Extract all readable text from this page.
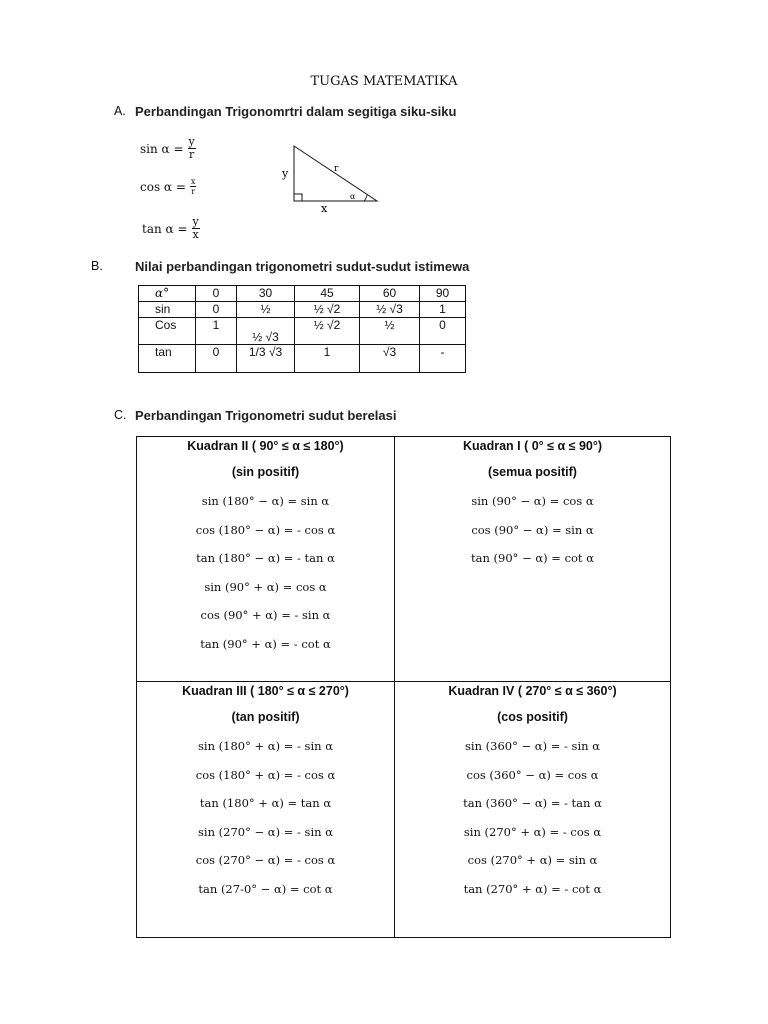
TUGAS MATEMATIKA
A. Perbandingan Trigonomrtri dalam segitiga siku-siku
$\sin \alpha = \frac{y}{r}$
$\cos \alpha = \frac{x}{r}$
$\tan \alpha = \frac{y}{x}$
y	r
x
α
B. Nilai perbandingan trigonometri sudut-sudut istimewa
α°	0	30	45	60	90
sin	0	½	½ √2	½ √3	1
Cos	1	½ √3	½ √2	½	0
tan	0	1/3 √3	1	√3	-
C. Perbandingan Trigonometri sudut berelasi
Kuadran II ( 90° ≤ α ≤ 180°)
(sin positif)
sin (180° − α) = sin α
cos (180° − α) = - cos α
tan (180° − α) = - tan α
sin (90° + α) = cos α
cos (90° + α) = - sin α
tan (90° + α) = - cot α
Kuadran I ( 0° ≤ α ≤ 90°)
(semua positif)
sin (90° − α) = cos α
cos (90° − α) = sin α
tan (90° − α) = cot α
Kuadran III ( 180° ≤ α ≤ 270°)
(tan positif)
sin (180° + α) = - sin α
cos (180° + α) = - cos α
tan (180° + α) = tan α
sin (270° − α) = - sin α
cos (270° − α) = - cos α
tan (27-0° − α) = cot α
Kuadran IV ( 270° ≤ α ≤ 360°)
(cos positif)
sin (360° − α) = - sin α
cos (360° − α) = cos α
tan (360° − α) = - tan α
sin (270° + α) = - cos α
cos (270° + α) = sin α
tan (270° + α) = - cot α
